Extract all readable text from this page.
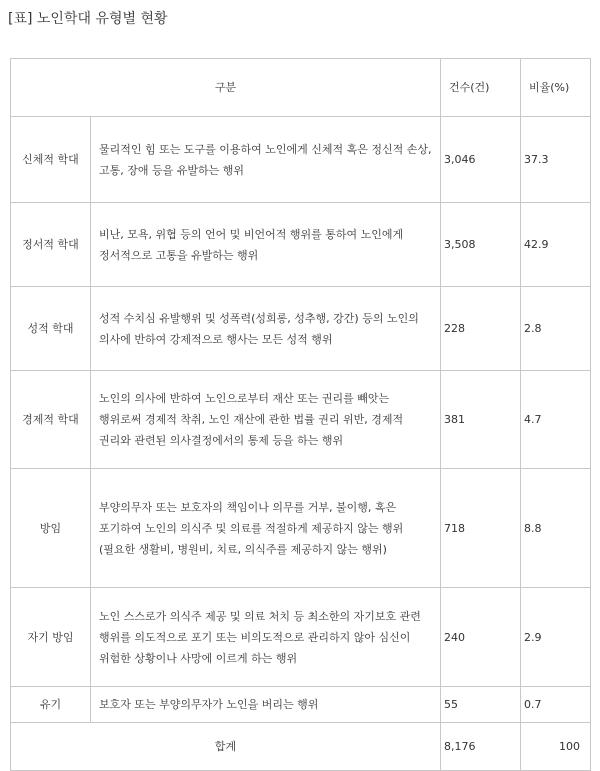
[표] 노인학대 유형별 현황
구분		건수(건)	비율(%)
신체적 학대	물리적인 힘 또는 도구를 이용하여 노인에게 신체적 혹은 정신적 손상, 고통, 장애 등을 유발하는 행위	3,046	37.3
정서적 학대	비난, 모욕, 위협 등의 언어 및 비언어적 행위를 통하여 노인에게 정서적으로 고통을 유발하는 행위	3,508	42.9
성적 학대	성적 수치심 유발행위 및 성폭력(성희롱, 성추행, 강간) 등의 노인의 의사에 반하여 강제적으로 행사는 모든 성적 행위	228	2.8
경제적 학대	노인의 의사에 반하여 노인으로부터 재산 또는 권리를 빼앗는 행위로써 경제적 착취, 노인 재산에 관한 법률 권리 위반, 경제적 권리와 관련된 의사결정에서의 통제 등을 하는 행위	381	4.7
방임	부양의무자 또는 보호자의 책임이나 의무를 거부, 불이행, 혹은 포기하여 노인의 의식주 및 의료를 적절하게 제공하지 않는 행위(필요한 생활비, 병원비, 치료, 의식주를 제공하지 않는 행위)	718	8.8
자기 방임	노인 스스로가 의식주 제공 및 의료 처치 등 최소한의 자기보호 관련 행위를 의도적으로 포기 또는 비의도적으로 관리하지 않아 심신이 위험한 상황이나 사망에 이르게 하는 행위	240	2.9
유기	보호자 또는 부양의무자가 노인을 버리는 행위	55	0.7
합계		8,176	100
